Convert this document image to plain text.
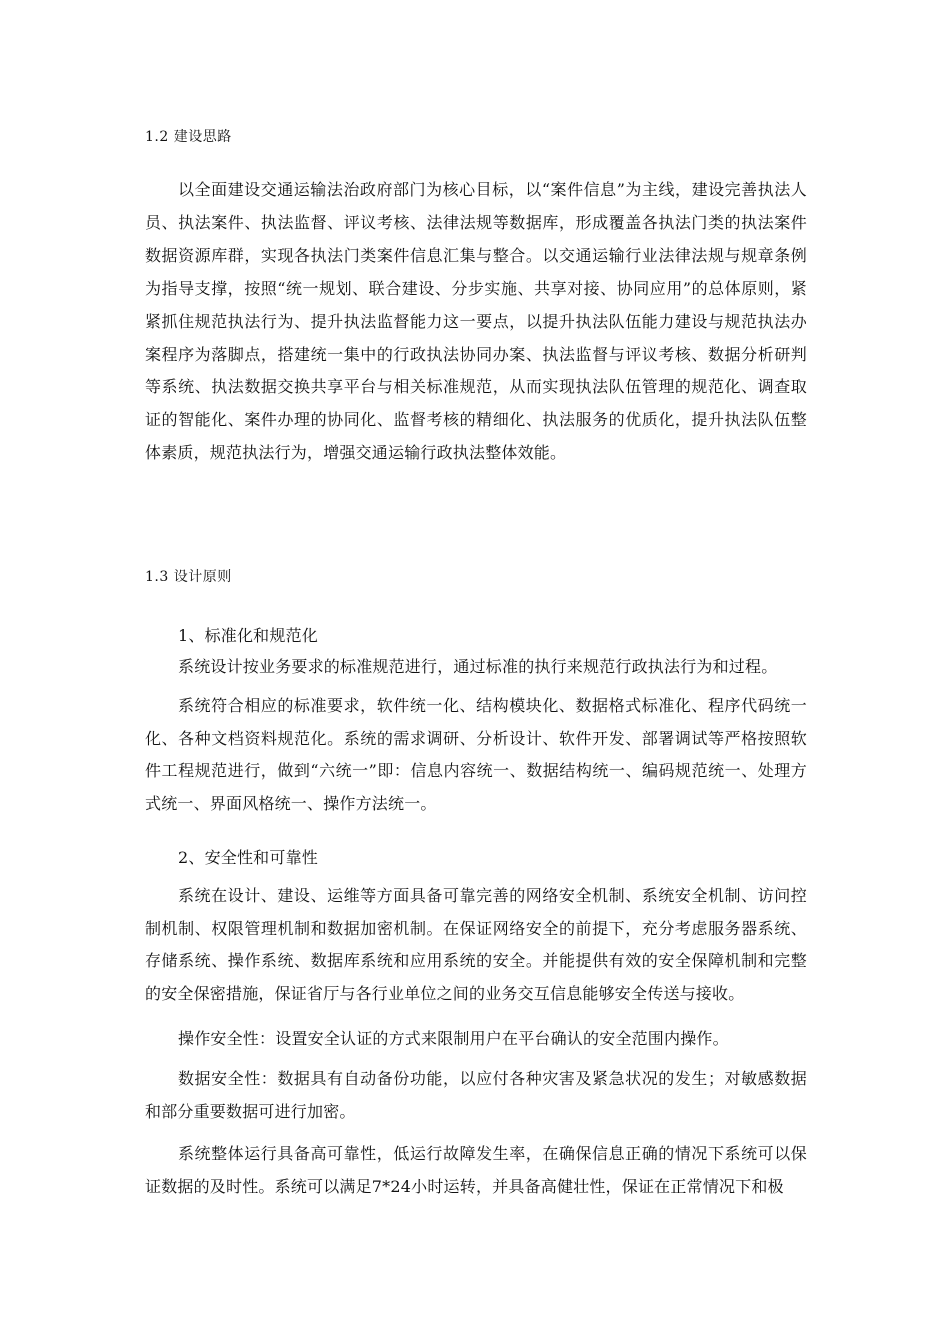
1.2 建设思路

以全面建设交通运输法治政府部门为核心目标，以“案件信息”为主线，建设完善执法人员、执法案件、执法监督、评议考核、法律法规等数据库，形成覆盖各执法门类的执法案件数据资源库群，实现各执法门类案件信息汇集与整合。以交通运输行业法律法规与规章条例为指导支撑，按照“统一规划、联合建设、分步实施、共享对接、协同应用”的总体原则，紧紧抓住规范执法行为、提升执法监督能力这一要点，以提升执法队伍能力建设与规范执法办案程序为落脚点，搭建统一集中的行政执法协同办案、执法监督与评议考核、数据分析研判等系统、执法数据交换共享平台与相关标准规范，从而实现执法队伍管理的规范化、调查取证的智能化、案件办理的协同化、监督考核的精细化、执法服务的优质化，提升执法队伍整体素质，规范执法行为，增强交通运输行政执法整体效能。

1.3 设计原则
1、标准化和规范化

系统设计按业务要求的标准规范进行，通过标准的执行来规范行政执法行为和过程。

系统符合相应的标准要求，软件统一化、结构模块化、数据格式标准化、程序代码统一化、各种文档资料规范化。系统的需求调研、分析设计、软件开发、部署调试等严格按照软件工程规范进行，做到“六统一”即：信息内容统一、数据结构统一、编码规范统一、处理方式统一、界面风格统一、操作方法统一。

2、安全性和可靠性

系统在设计、建设、运维等方面具备可靠完善的网络安全机制、系统安全机制、访问控制机制、权限管理机制和数据加密机制。在保证网络安全的前提下，充分考虑服务器系统、存储系统、操作系统、数据库系统和应用系统的安全。并能提供有效的安全保障机制和完整的安全保密措施，保证省厅与各行业单位之间的业务交互信息能够安全传送与接收。

操作安全性：设置安全认证的方式来限制用户在平台确认的安全范围内操作。

数据安全性：数据具有自动备份功能，以应付各种灾害及紧急状况的发生；对敏感数据和部分重要数据可进行加密。

系统整体运行具备高可靠性，低运行故障发生率，在确保信息正确的情况下系统可以保证数据的及时性。系统可以满足7*24小时运转，并具备高健壮性，保证在正常情况下和极
